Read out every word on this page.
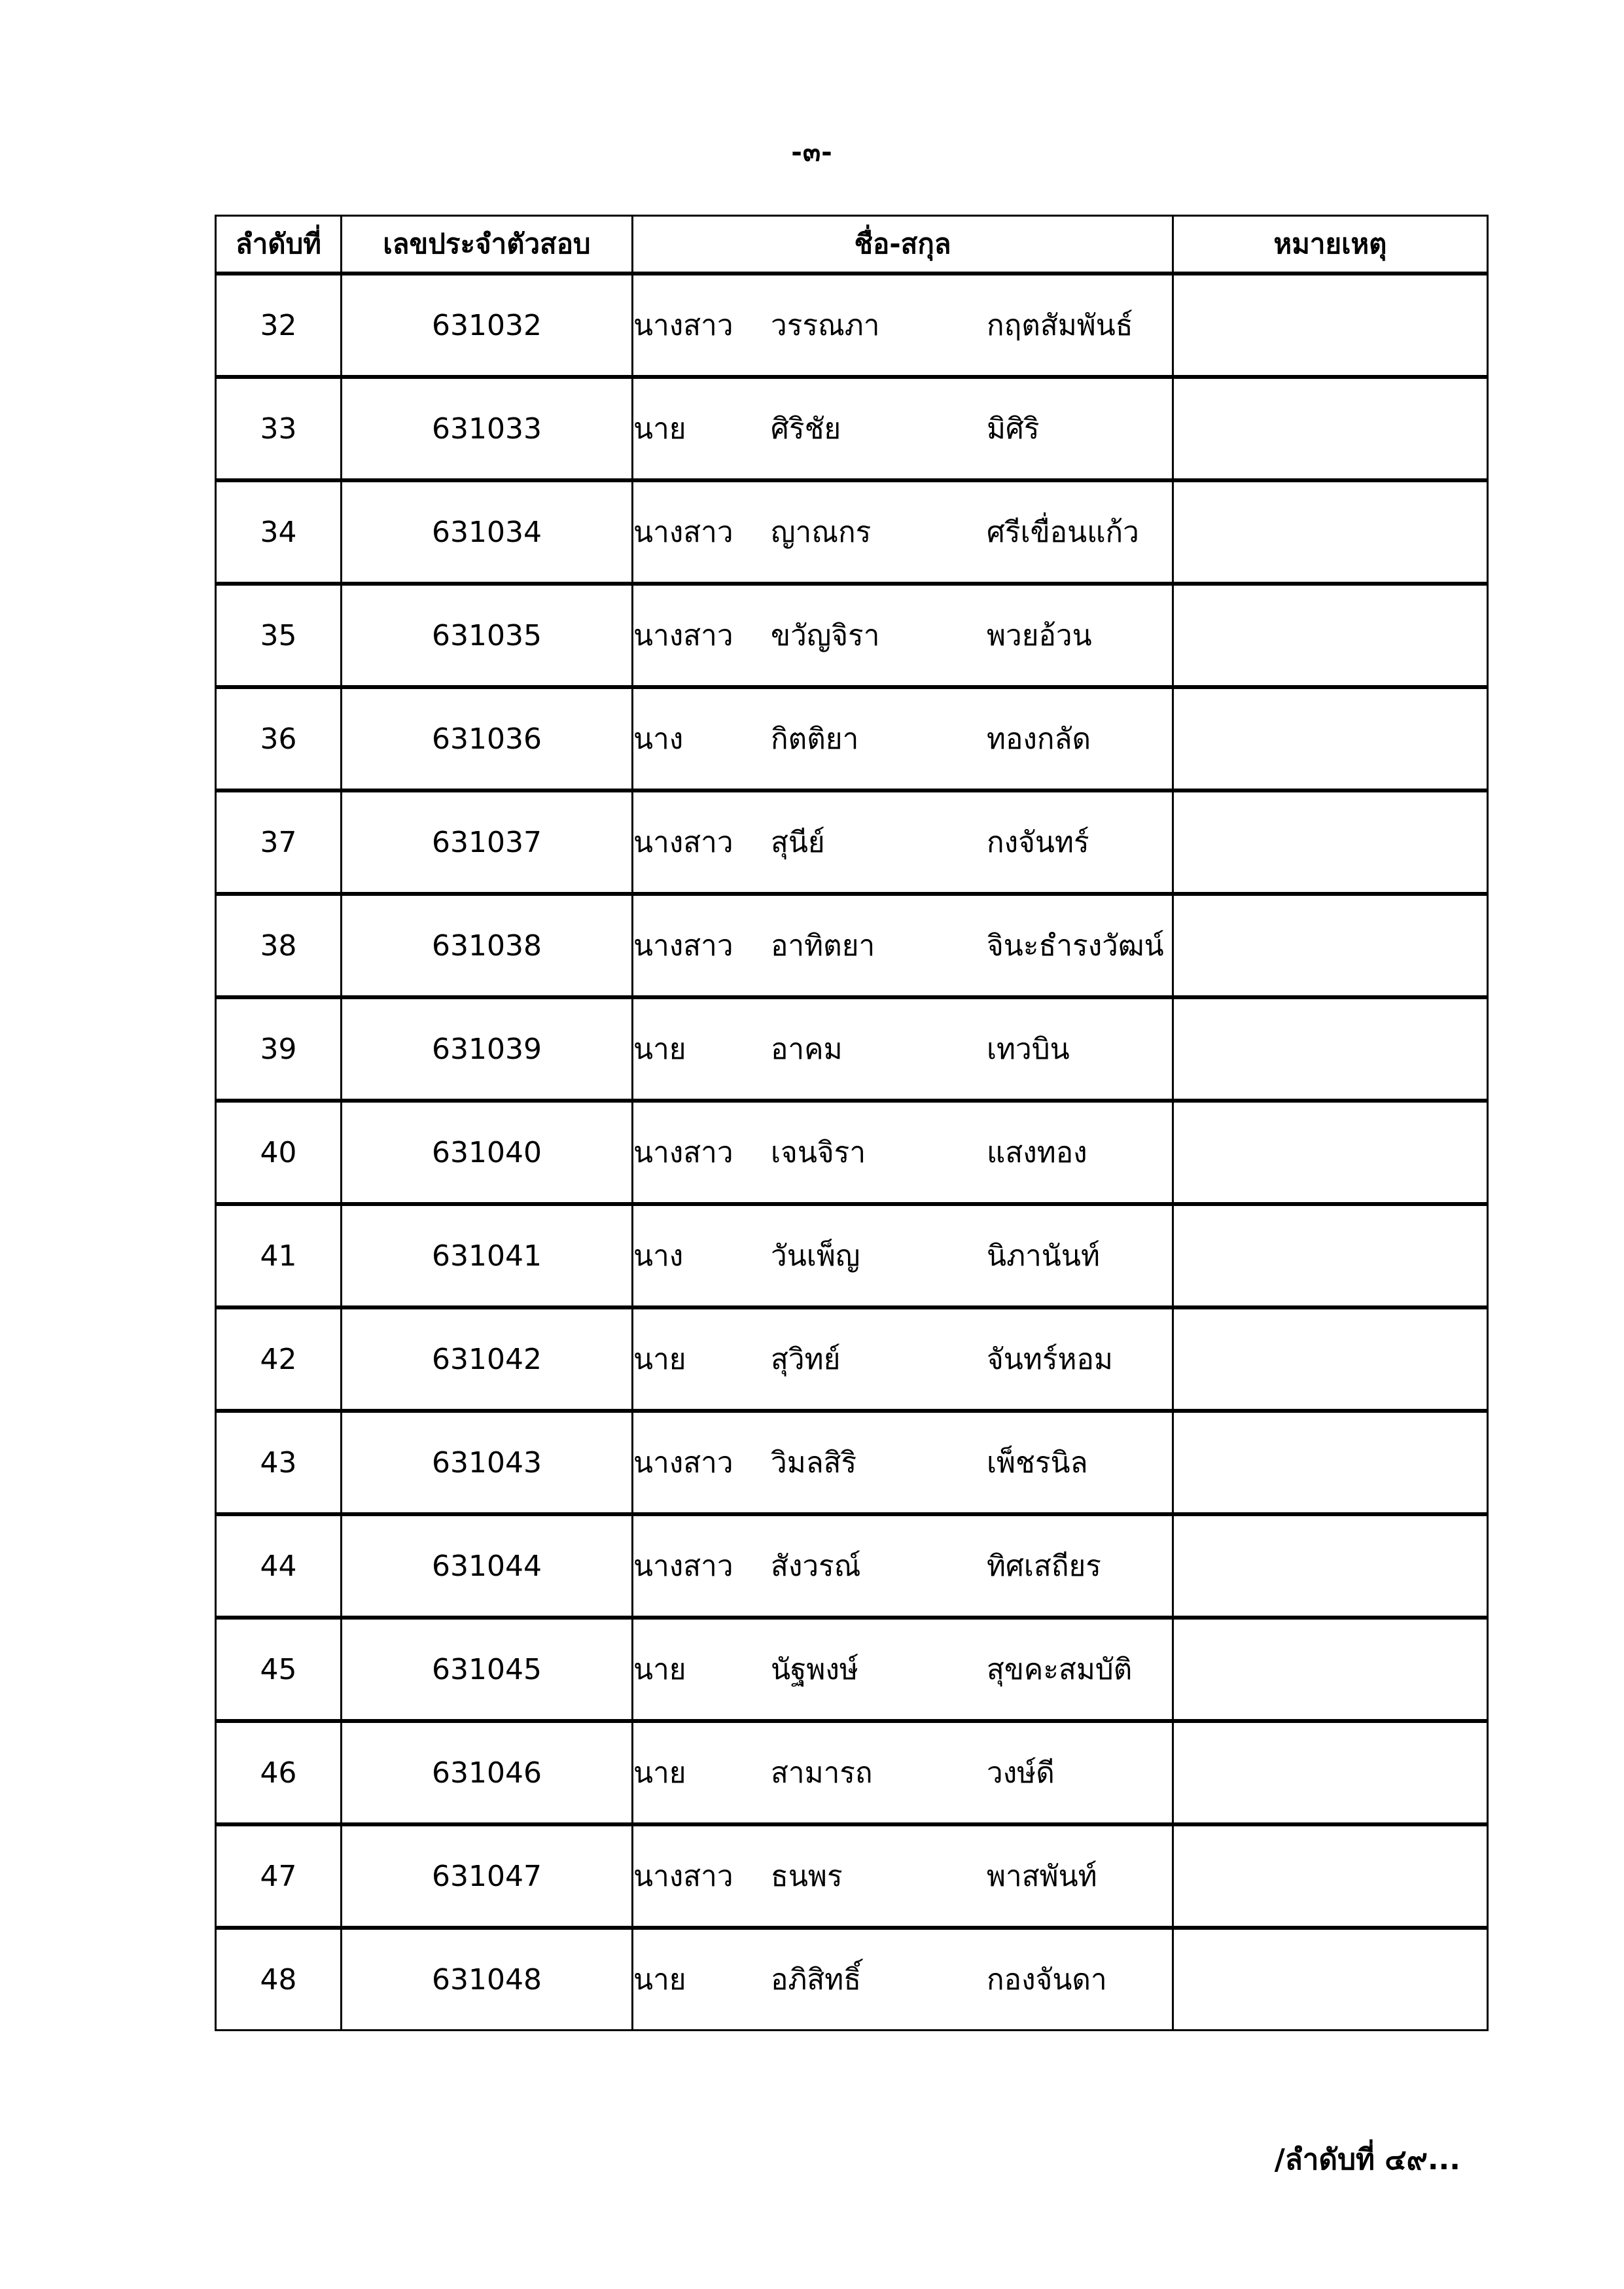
-๓-
ลำดับที่	เลขประจำตัวสอบ	ชื่อ-สกุล	หมายเหตุ
32	631032	นางสาว วรรณภา กฤตสัมพันธ์	

33	631033	นาย ศิริชัย มิศิริ	

34	631034	นางสาว ญาณกร ศรีเขื่อนแก้ว	

35	631035	นางสาว ขวัญจิรา พวยอ้วน	

36	631036	นาง กิตติยา ทองกลัด	

37	631037	นางสาว สุนีย์ กงจันทร์	

38	631038	นางสาว อาทิตยา จินะธำรงวัฒน์	

39	631039	นาย อาคม เทวบิน	

40	631040	นางสาว เจนจิรา แสงทอง	

41	631041	นาง วันเพ็ญ นิภานันท์	

42	631042	นาย สุวิทย์ จันทร์หอม	

43	631043	นางสาว วิมลสิริ เพ็ชรนิล	

44	631044	นางสาว สังวรณ์ ทิศเสถียร	

45	631045	นาย นัฐพงษ์ สุขคะสมบัติ	

46	631046	นาย สามารถ วงษ์ดี	

47	631047	นางสาว ธนพร พาสพันท์	

48	631048	นาย อภิสิทธิ์ กองจันดา	

/ลำดับที่ ๔๙...
